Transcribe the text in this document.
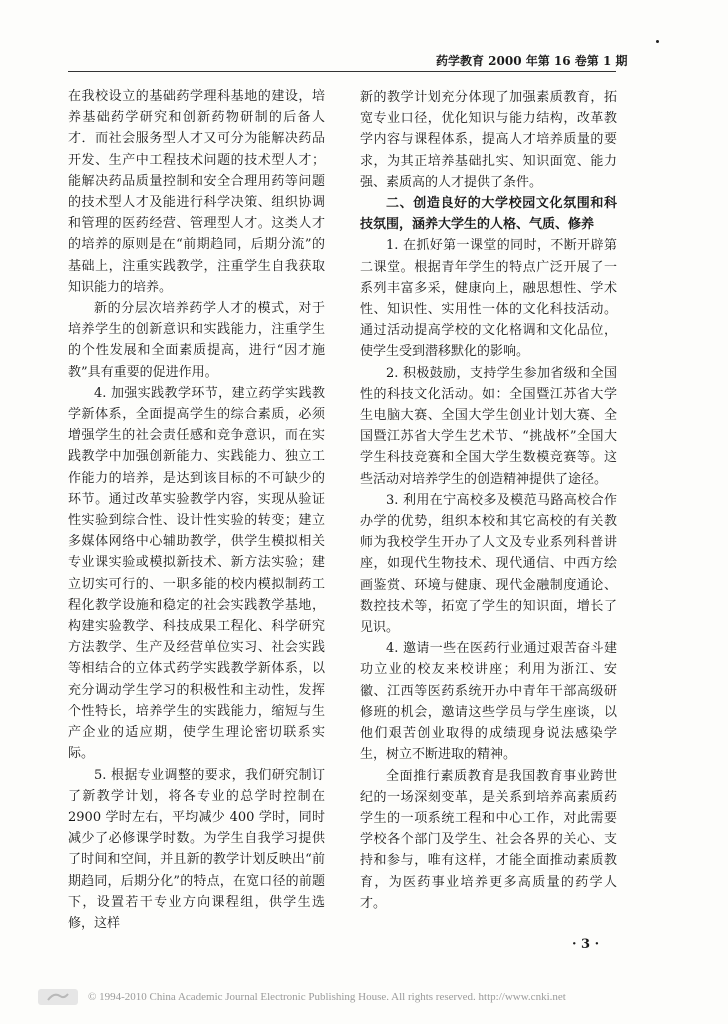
药学教育 2000 年第 16 卷第 1 期

在我校设立的基础药学理科基地的建设，培养基础药学研究和创新药物研制的后备人才．而社会服务型人才又可分为能解决药品开发、生产中工程技术问题的技术型人才；能解决药品质量控制和安全合理用药等问题的技术型人才及能进行科学决策、组织协调和管理的医药经营、管理型人才。这类人才的培养的原则是在“前期趋同，后期分流”的基础上，注重实践教学，注重学生自我获取知识能力的培养。

新的分层次培养药学人才的模式，对于培养学生的创新意识和实践能力，注重学生的个性发展和全面素质提高，进行“因才施教”具有重要的促进作用。

4. 加强实践教学环节，建立药学实践教学新体系，全面提高学生的综合素质，必须增强学生的社会责任感和竞争意识，而在实践教学中加强创新能力、实践能力、独立工作能力的培养，是达到该目标的不可缺少的环节。通过改革实验教学内容，实现从验证性实验到综合性、设计性实验的转变；建立多媒体网络中心辅助教学，供学生模拟相关专业课实验或模拟新技术、新方法实验；建立切实可行的、一职多能的校内模拟制药工程化教学设施和稳定的社会实践教学基地，构建实验教学、科技成果工程化、科学研究方法教学、生产及经营单位实习、社会实践等相结合的立体式药学实践教学新体系，以充分调动学生学习的积极性和主动性，发挥个性特长，培养学生的实践能力，缩短与生产企业的适应期，使学生理论密切联系实际。

5. 根据专业调整的要求，我们研究制订了新教学计划，将各专业的总学时控制在 2900 学时左右，平均减少 400 学时，同时减少了必修课学时数。为学生自我学习提供了时间和空间，并且新的教学计划反映出“前期趋同，后期分化”的特点，在宽口径的前题下，设置若干专业方向课程组，供学生选修，这样

新的教学计划充分体现了加强素质教育，拓宽专业口径，优化知识与能力结构，改革教学内容与课程体系，提高人才培养质量的要求，为其正培养基础扎实、知识面宽、能力强、素质高的人才提供了条件。

二、创造良好的大学校园文化氛围和科技氛围，涵养大学生的人格、气质、修养

1. 在抓好第一课堂的同时，不断开辟第二课堂。根据青年学生的特点广泛开展了一系列丰富多采，健康向上，融思想性、学术性、知识性、实用性一体的文化科技活动。通过活动提高学校的文化格调和文化品位，使学生受到潜移默化的影响。

2. 积极鼓励，支持学生参加省级和全国性的科技文化活动。如：全国暨江苏省大学生电脑大赛、全国大学生创业计划大赛、全国暨江苏省大学生艺术节、“挑战杯”全国大学生科技竞赛和全国大学生数模竞赛等。这些活动对培养学生的创造精神提供了途径。

3. 利用在宁高校多及模范马路高校合作办学的优势，组织本校和其它高校的有关教师为我校学生开办了人文及专业系列科普讲座，如现代生物技术、现代通信、中西方绘画鉴赏、环境与健康、现代金融制度通论、数控技术等，拓宽了学生的知识面，增长了见识。

4. 邀请一些在医药行业通过艰苦奋斗建功立业的校友来校讲座；利用为浙江、安徽、江西等医药系统开办中青年干部高级研修班的机会，邀请这些学员与学生座谈，以他们艰苦创业取得的成绩现身说法感染学生，树立不断进取的精神。

全面推行素质教育是我国教育事业跨世纪的一场深刻变革，是关系到培养高素质药学生的一项系统工程和中心工作，对此需要学校各个部门及学生、社会各界的关心、支持和参与，唯有这样，才能全面推动素质教育，为医药事业培养更多高质量的药学人才。

· 3 ·
© 1994-2010 China Academic Journal Electronic Publishing House. All rights reserved. http://www.cnki.net
